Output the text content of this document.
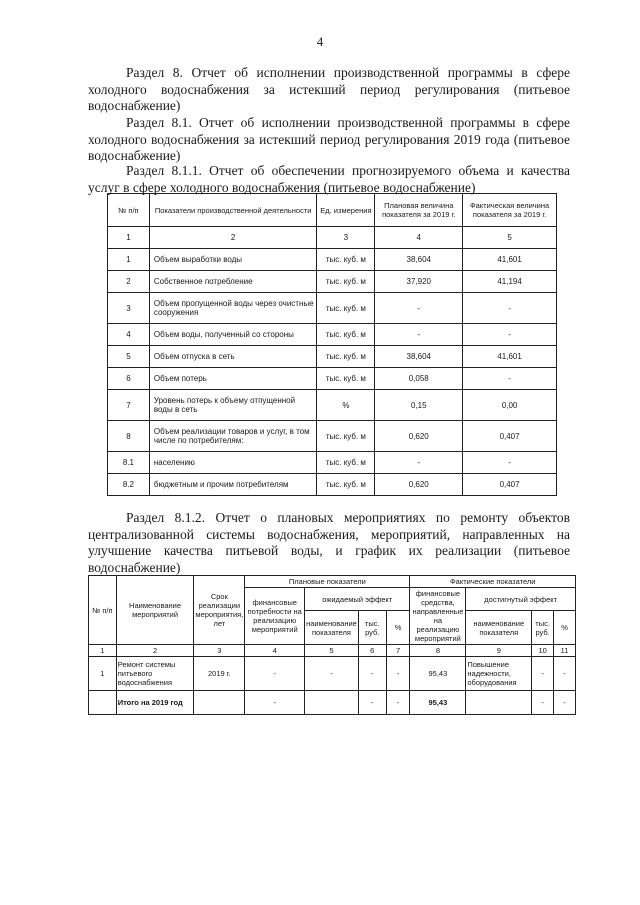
4
Раздел 8. Отчет об исполнении производственной программы в сфере холодного водоснабжения за истекший период регулирования (питьевое водоснабжение)
Раздел 8.1. Отчет об исполнении производственной программы в сфере холодного водоснабжения за истекший период регулирования 2019 года (питьевое водоснабжение)
Раздел 8.1.1. Отчет об обеспечении прогнозируемого объема и качества услуг в сфере холодного водоснабжения (питьевое водоснабжение)
№ п/п	Показатели производственной деятельности	Ед. измерения	Плановая величина показателя за 2019 г.	Фактическая величина показателя за 2019 г.
1	2	3	4	5
1	Объем выработки воды	тыс. куб. м	38,604	41,601
2	Собственное потребление	тыс. куб. м	37,920	41,194
3	Объем пропущенной воды через очистные сооружения	тыс. куб. м	-	-
4	Объем воды, полученный со стороны	тыс. куб. м	-	-
5	Объем отпуска в сеть	тыс. куб. м	38,604	41,601
6	Объем потерь	тыс. куб. м	0,058	-
7	Уровень потерь к объему отпущенной воды в сеть	%	0,15	0,00
8	Объем реализации товаров и услуг, в том числе по потребителям:	тыс. куб. м	0,620	0,407
8.1	населению	тыс. куб. м	-	-
8.2	бюджетным и прочим потребителям	тыс. куб. м	0,620	0,407
Раздел 8.1.2. Отчет о плановых мероприятиях по ремонту объектов централизованной системы водоснабжения, мероприятий, направленных на улучшение качества питьевой воды, и график их реализации (питьевое водоснабжение)
№ п/п	Наименование мероприятий	Срок реализации мероприятия, лет	Плановые показатели				Фактические показатели			
			финансовые потребности на реализацию мероприятий	ожидаемый эффект			финансовые средства, направленные на реализацию мероприятий	достигнутый эффект		
				наименование показателя	тыс. руб.	%		наименование показателя	тыс. руб.	%
1	2	3	4	5	6	7	8	9	10	11
1	Ремонт системы питьевого водоснабжения	2019 г.	-	-	-	-	95,43	Повышение надежности, оборудования	-	-
	Итого на 2019 год		-		-	-	95,43		-	-
